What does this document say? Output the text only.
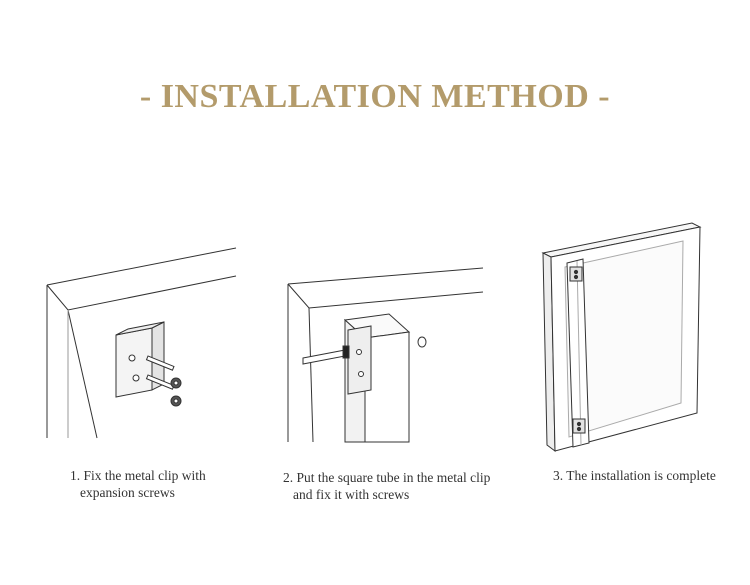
- INSTALLATION METHOD -
1. Fix the metal clip with
expansion screws
2. Put the square tube in the metal clip
and fix it with screws
3. The installation is complete
